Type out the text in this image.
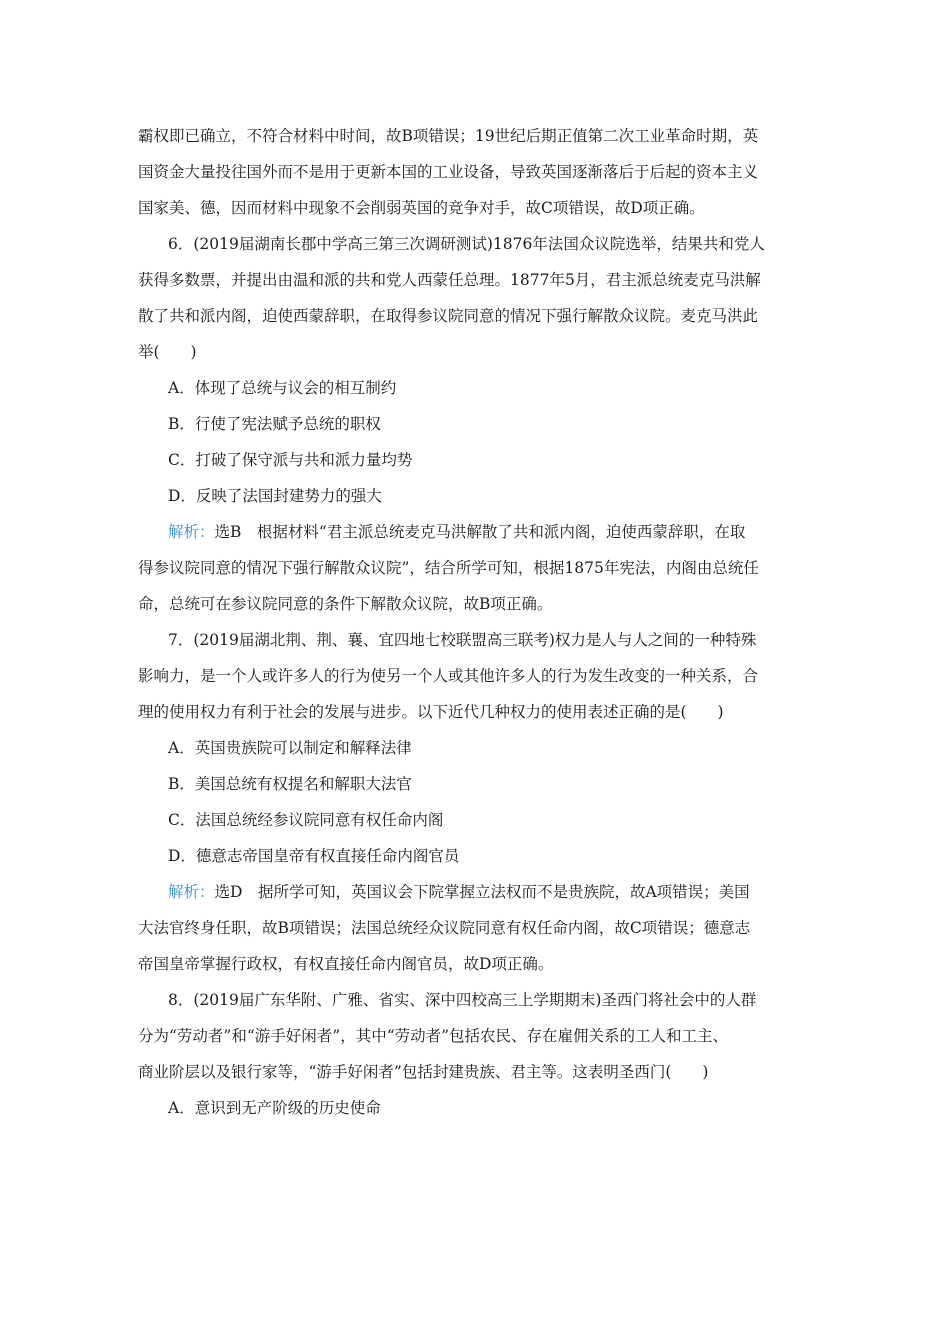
霸权即已确立，不符合材料中时间，故B项错误；19世纪后期正值第二次工业革命时期，英
国资金大量投往国外而不是用于更新本国的工业设备，导致英国逐渐落后于后起的资本主义
国家美、德，因而材料中现象不会削弱英国的竞争对手，故C项错误，故D项正确。
6．(2019届湖南长郡中学高三第三次调研测试)1876年法国众议院选举，结果共和党人
获得多数票，并提出由温和派的共和党人西蒙任总理。1877年5月，君主派总统麦克马洪解
散了共和派内阁，迫使西蒙辞职，在取得参议院同意的情况下强行解散众议院。麦克马洪此
举(　　)
A．体现了总统与议会的相互制约
B．行使了宪法赋予总统的职权
C．打破了保守派与共和派力量均势
D．反映了法国封建势力的强大
解析：选B　根据材料“君主派总统麦克马洪解散了共和派内阁，迫使西蒙辞职，在取
得参议院同意的情况下强行解散众议院”，结合所学可知，根据1875年宪法，内阁由总统任
命，总统可在参议院同意的条件下解散众议院，故B项正确。
7．(2019届湖北荆、荆、襄、宜四地七校联盟高三联考)权力是人与人之间的一种特殊
影响力，是一个人或许多人的行为使另一个人或其他许多人的行为发生改变的一种关系，合
理的使用权力有利于社会的发展与进步。以下近代几种权力的使用表述正确的是(　　)
A．英国贵族院可以制定和解释法律
B．美国总统有权提名和解职大法官
C．法国总统经参议院同意有权任命内阁
D．德意志帝国皇帝有权直接任命内阁官员
解析：选D　据所学可知，英国议会下院掌握立法权而不是贵族院，故A项错误；美国
大法官终身任职，故B项错误；法国总统经众议院同意有权任命内阁，故C项错误；德意志
帝国皇帝掌握行政权，有权直接任命内阁官员，故D项正确。
8．(2019届广东华附、广雅、省实、深中四校高三上学期期末)圣西门将社会中的人群
分为“劳动者”和“游手好闲者”，其中“劳动者”包括农民、存在雇佣关系的工人和工主、
商业阶层以及银行家等，“游手好闲者”包括封建贵族、君主等。这表明圣西门(　　)
A．意识到无产阶级的历史使命
